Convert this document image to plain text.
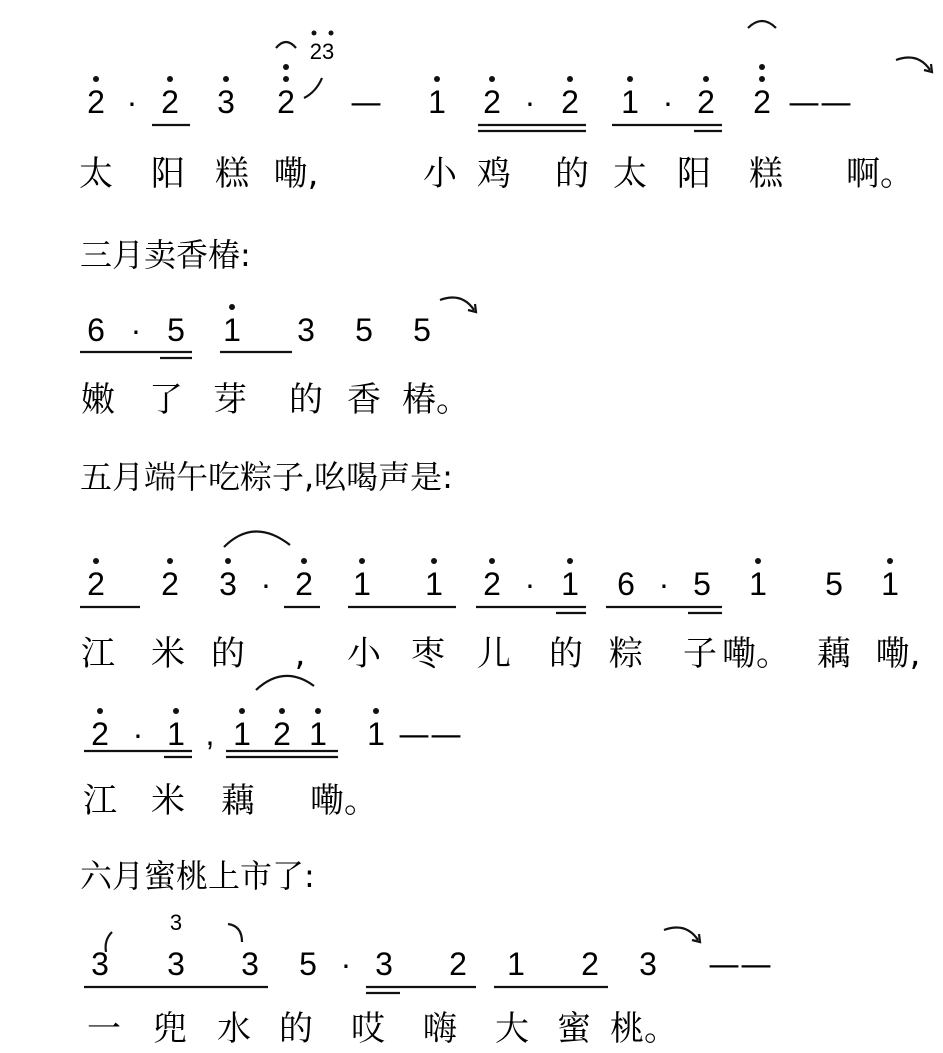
2 · 2 3 2
23
— 1 2 · 2 1 · 2 2 ——
太 阳 糕 嘞,	小 鸡 的 太 阳 糕 啊。
三月卖香椿:
6 · 5 1 3 5 5
嫩 了 芽 的 香 椿。
五月端午吃粽子,吆喝声是:
2 2 3 · 2 1 1 2 · 1 6 · 5 1 5 1
江 米 的 , 小 枣 儿 的 粽 子 嘞。 藕 嘞,
2 · 1 , 1 2 1 1 ——
江 米 藕 嘞。
六月蜜桃上市了:
3 3 3 5 · 3 2 1 2 3 ——
一 兜 水 的 哎 嗨 大 蜜 桃。
3
